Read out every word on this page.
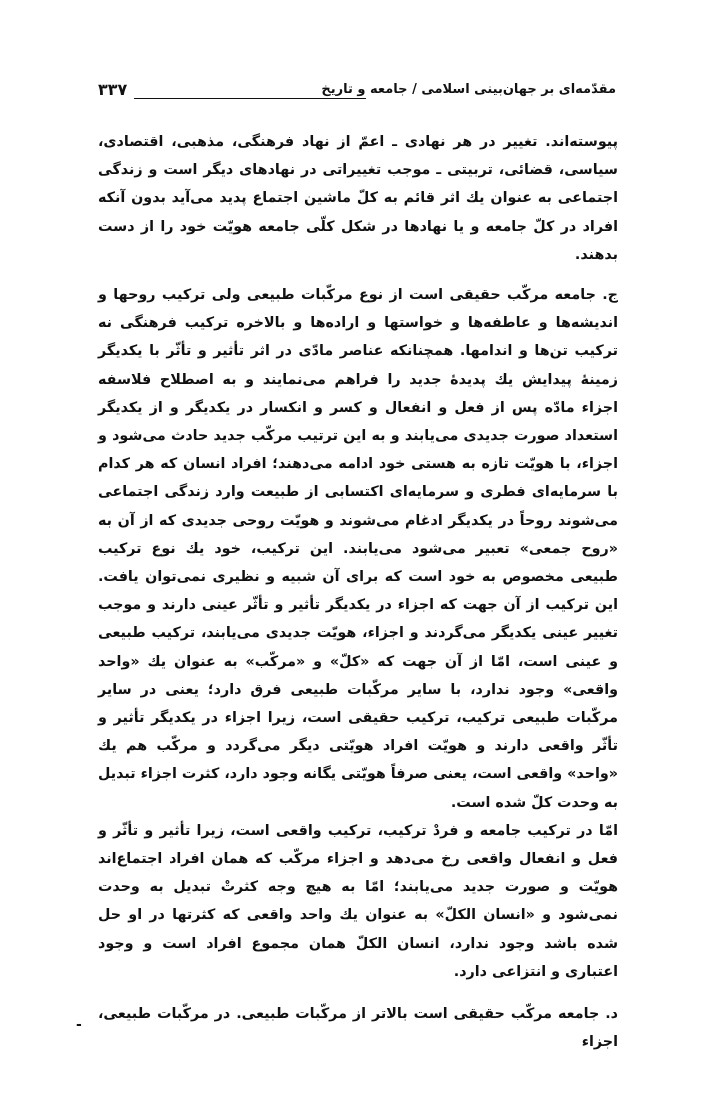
مقدّمه‌ای بر جهان‌بینی اسلامی / جامعه و تاریخ
۳۳۷

پیوسته‌اند. تغییر در هر نهادی ـ اعمّ از نهاد فرهنگی، مذهبی، اقتصادی، سیاسی، قضائی، تربیتی ـ موجب تغییراتی در نهادهای دیگر است و زندگی اجتماعی به عنوان یك اثر قائم به کلّ ماشین اجتماع پدید می‌آید بدون آنکه افراد در کلّ جامعه و یا نهادها در شکل کلّی جامعه هویّت خود را از دست بدهند.

ج. جامعه مرکّب حقیقی است از نوع مرکّبات طبیعی ولی ترکیب روحها و اندیشه‌ها و عاطفه‌ها و خواستها و اراده‌ها و بالاخره ترکیب فرهنگی نه ترکیب تن‌ها و اندامها. همچنانکه عناصر مادّی در اثر تأثیر و تأثّر با یکدیگر زمینهٔ پیدایش یك پدیدهٔ جدید را فراهم می‌نمایند و به اصطلاح فلاسفه اجزاء مادّه پس از فعل و انفعال و کسر و انکسار در یکدیگر و از یکدیگر استعداد صورت جدیدی می‌یابند و به این ترتیب مرکّب جدید حادث می‌شود و اجزاء، با هویّت تازه به هستی خود ادامه می‌دهند؛ افراد انسان که هر کدام با سرمایه‌ای فطری و سرمایه‌ای اکتسابی از طبیعت وارد زندگی اجتماعی می‌شوند روحاً در یکدیگر ادغام می‌شوند و هویّت روحی جدیدی که از آن به «روح جمعی» تعبیر می‌شود می‌یابند. این ترکیب، خود یك نوع ترکیب طبیعی مخصوص به خود است که برای آن شبیه و نظیری نمی‌توان یافت. این ترکیب از آن جهت که اجزاء در یکدیگر تأثیر و تأثّر عینی دارند و موجب تغییر عینی یکدیگر می‌گردند و اجزاء، هویّت جدیدی می‌یابند، ترکیب طبیعی و عینی است، امّا از آن جهت که «کلّ» و «مرکّب» به عنوان یك «واحد واقعی» وجود ندارد، با سایر مرکّبات طبیعی فرق دارد؛ یعنی در سایر مرکّبات طبیعی ترکیب، ترکیب حقیقی است، زیرا اجزاء در یکدیگر تأثیر و تأثّر واقعی دارند و هویّت افراد هویّتی دیگر می‌گردد و مرکّب هم یك «واحد» واقعی است، یعنی صرفاً هویّتی یگانه وجود دارد، کثرت اجزاء تبدیل به وحدت کلّ شده است.

امّا در ترکیب جامعه و فردْ ترکیب، ترکیب واقعی است، زیرا تأثیر و تأثّر و فعل و انفعال واقعی رخ می‌دهد و اجزاء مرکّب که همان افراد اجتماع‌اند هویّت و صورت جدید می‌یابند؛ امّا به هیچ وجه کثرتْ تبدیل به وحدت نمی‌شود و «انسان الکلّ» به عنوان یك واحد واقعی که کثرتها در او حل شده باشد وجود ندارد، انسان الکلّ همان مجموع افراد است و وجود اعتباری و انتزاعی دارد.

د. جامعه مرکّب حقیقی است بالاتر از مرکّبات طبیعی. در مرکّبات طبیعی، اجزاء

-
